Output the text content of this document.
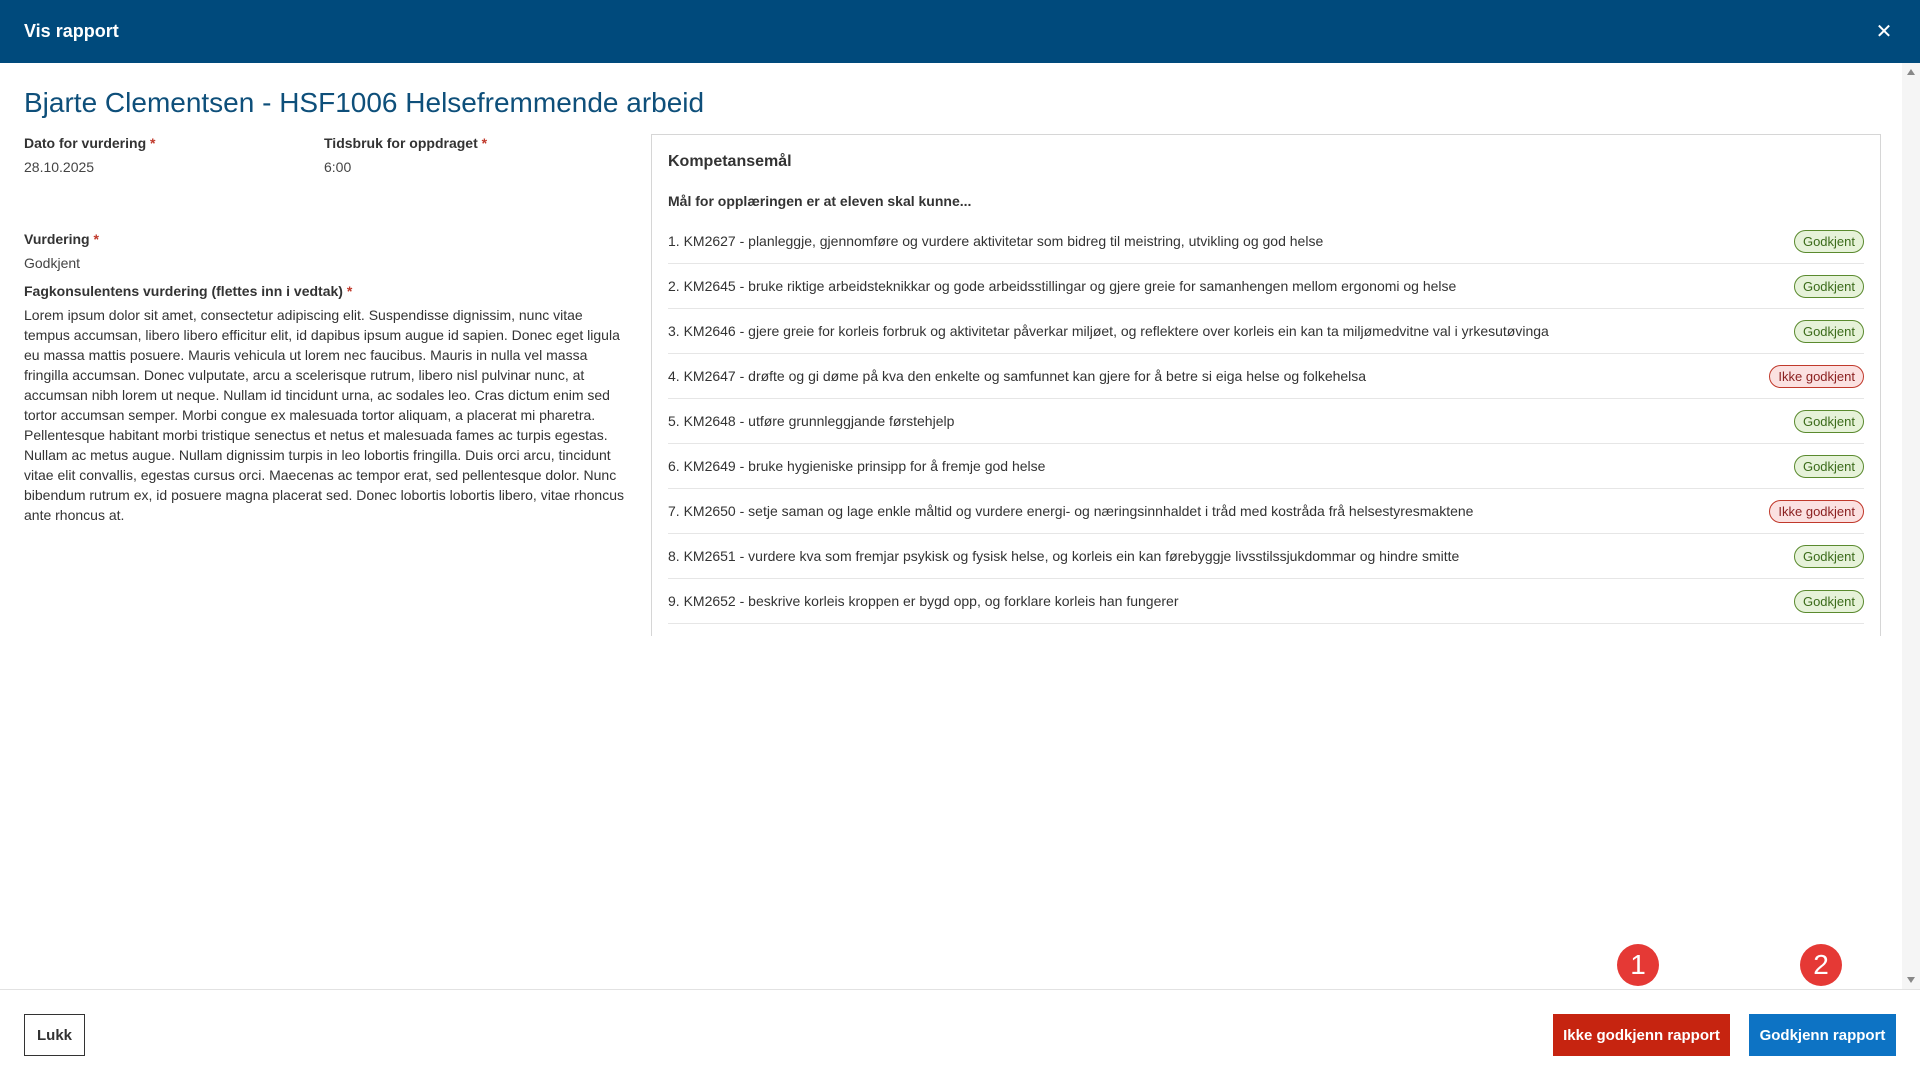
Vis rapport	✕
Bjarte Clementsen - HSF1006 Helsefremmende arbeid
Dato for vurdering *
28.10.2025
Tidsbruk for oppdraget *
6:00
Vurdering *
Godkjent
Fagkonsulentens vurdering (flettes inn i vedtak) *
Lorem ipsum dolor sit amet, consectetur adipiscing elit. Suspendisse dignissim, nunc vitae tempus accumsan, libero libero efficitur elit, id dapibus ipsum augue id sapien. Donec eget ligula eu massa mattis posuere. Mauris vehicula ut lorem nec faucibus. Mauris in nulla vel massa fringilla accumsan. Donec vulputate, arcu a scelerisque rutrum, libero nisl pulvinar nunc, at accumsan nibh lorem ut neque. Nullam id tincidunt urna, ac sodales leo. Cras dictum enim sed tortor accumsan semper. Morbi congue ex malesuada tortor aliquam, a placerat mi pharetra. Pellentesque habitant morbi tristique senectus et netus et malesuada fames ac turpis egestas. Nullam ac metus augue. Nullam dignissim turpis in leo lobortis fringilla. Duis orci arcu, tincidunt vitae elit convallis, egestas cursus orci. Maecenas ac tempor erat, sed pellentesque dolor. Nunc bibendum rutrum ex, id posuere magna placerat sed. Donec lobortis lobortis libero, vitae rhoncus ante rhoncus at.
Kompetansemål
Mål for opplæringen er at eleven skal kunne...
1. KM2627 - planleggje, gjennomføre og vurdere aktivitetar som bidreg til meistring, utvikling og god helse	Godkjent
2. KM2645 - bruke riktige arbeidsteknikkar og gode arbeidsstillingar og gjere greie for samanhengen mellom ergonomi og helse	Godkjent
3. KM2646 - gjere greie for korleis forbruk og aktivitetar påverkar miljøet, og reflektere over korleis ein kan ta miljømedvitne val i yrkesutøvinga	Godkjent
4. KM2647 - drøfte og gi døme på kva den enkelte og samfunnet kan gjere for å betre si eiga helse og folkehelsa	Ikke godkjent
5. KM2648 - utføre grunnleggjande førstehjelp	Godkjent
6. KM2649 - bruke hygieniske prinsipp for å fremje god helse	Godkjent
7. KM2650 - setje saman og lage enkle måltid og vurdere energi- og næringsinnhaldet i tråd med kostråda frå helsestyresmaktene	Ikke godkjent
8. KM2651 - vurdere kva som fremjar psykisk og fysisk helse, og korleis ein kan førebyggje livsstilssjukdommar og hindre smitte	Godkjent
9. KM2652 - beskrive korleis kroppen er bygd opp, og forklare korleis han fungerer	Godkjent
1	2
Lukk	Ikke godkjenn rapport	Godkjenn rapport
